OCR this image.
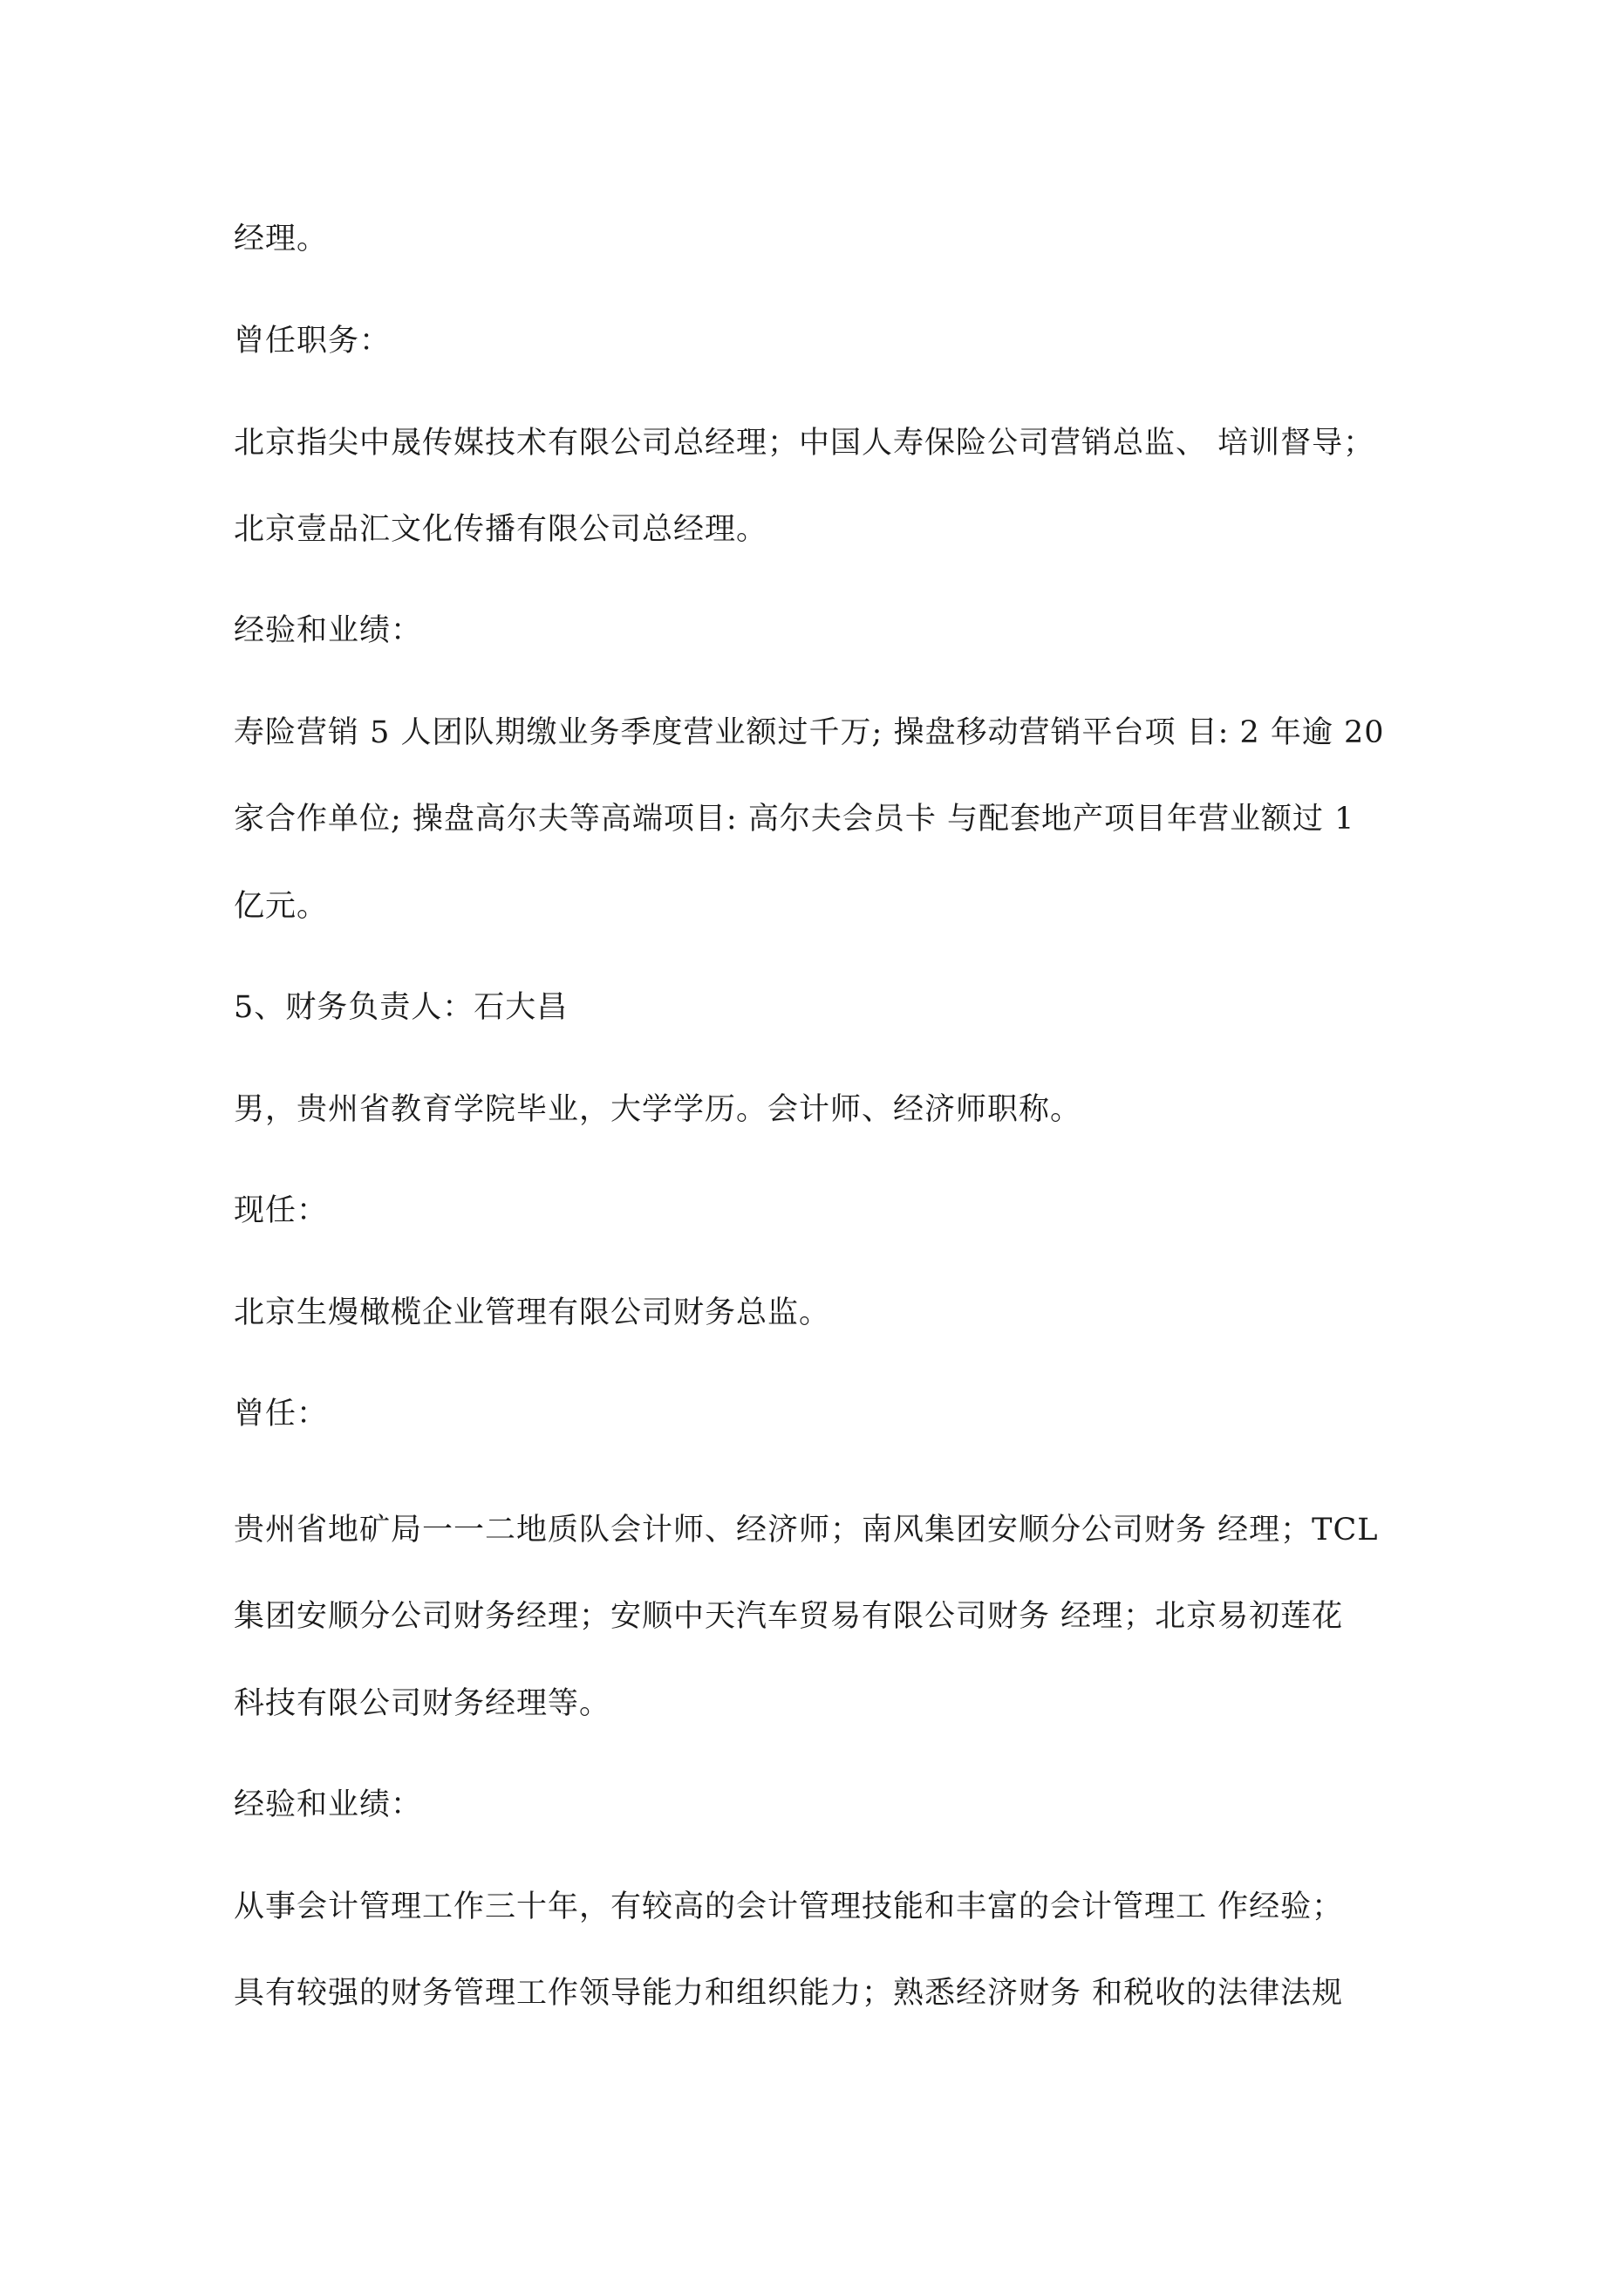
经理。
曾任职务：
北京指尖中晟传媒技术有限公司总经理；中国人寿保险公司营销总监、 培训督导；
北京壹品汇文化传播有限公司总经理。
经验和业绩：
寿险营销 5 人团队期缴业务季度营业额过千万; 操盘移动营销平台项 目: 2 年逾 20
家合作单位; 操盘高尔夫等高端项目: 高尔夫会员卡 与配套地产项目年营业额过 1
亿元。
5、财务负责人：石大昌
男，贵州省教育学院毕业，大学学历。会计师、经济师职称。
现任：
北京生熳橄榄企业管理有限公司财务总监。
曾任：
贵州省地矿局一一二地质队会计师、经济师；南风集团安顺分公司财务 经理；TCL
集团安顺分公司财务经理；安顺中天汽车贸易有限公司财务 经理；北京易初莲花
科技有限公司财务经理等。
经验和业绩：
从事会计管理工作三十年，有较高的会计管理技能和丰富的会计管理工 作经验；
具有较强的财务管理工作领导能力和组织能力；熟悉经济财务 和税收的法律法规
